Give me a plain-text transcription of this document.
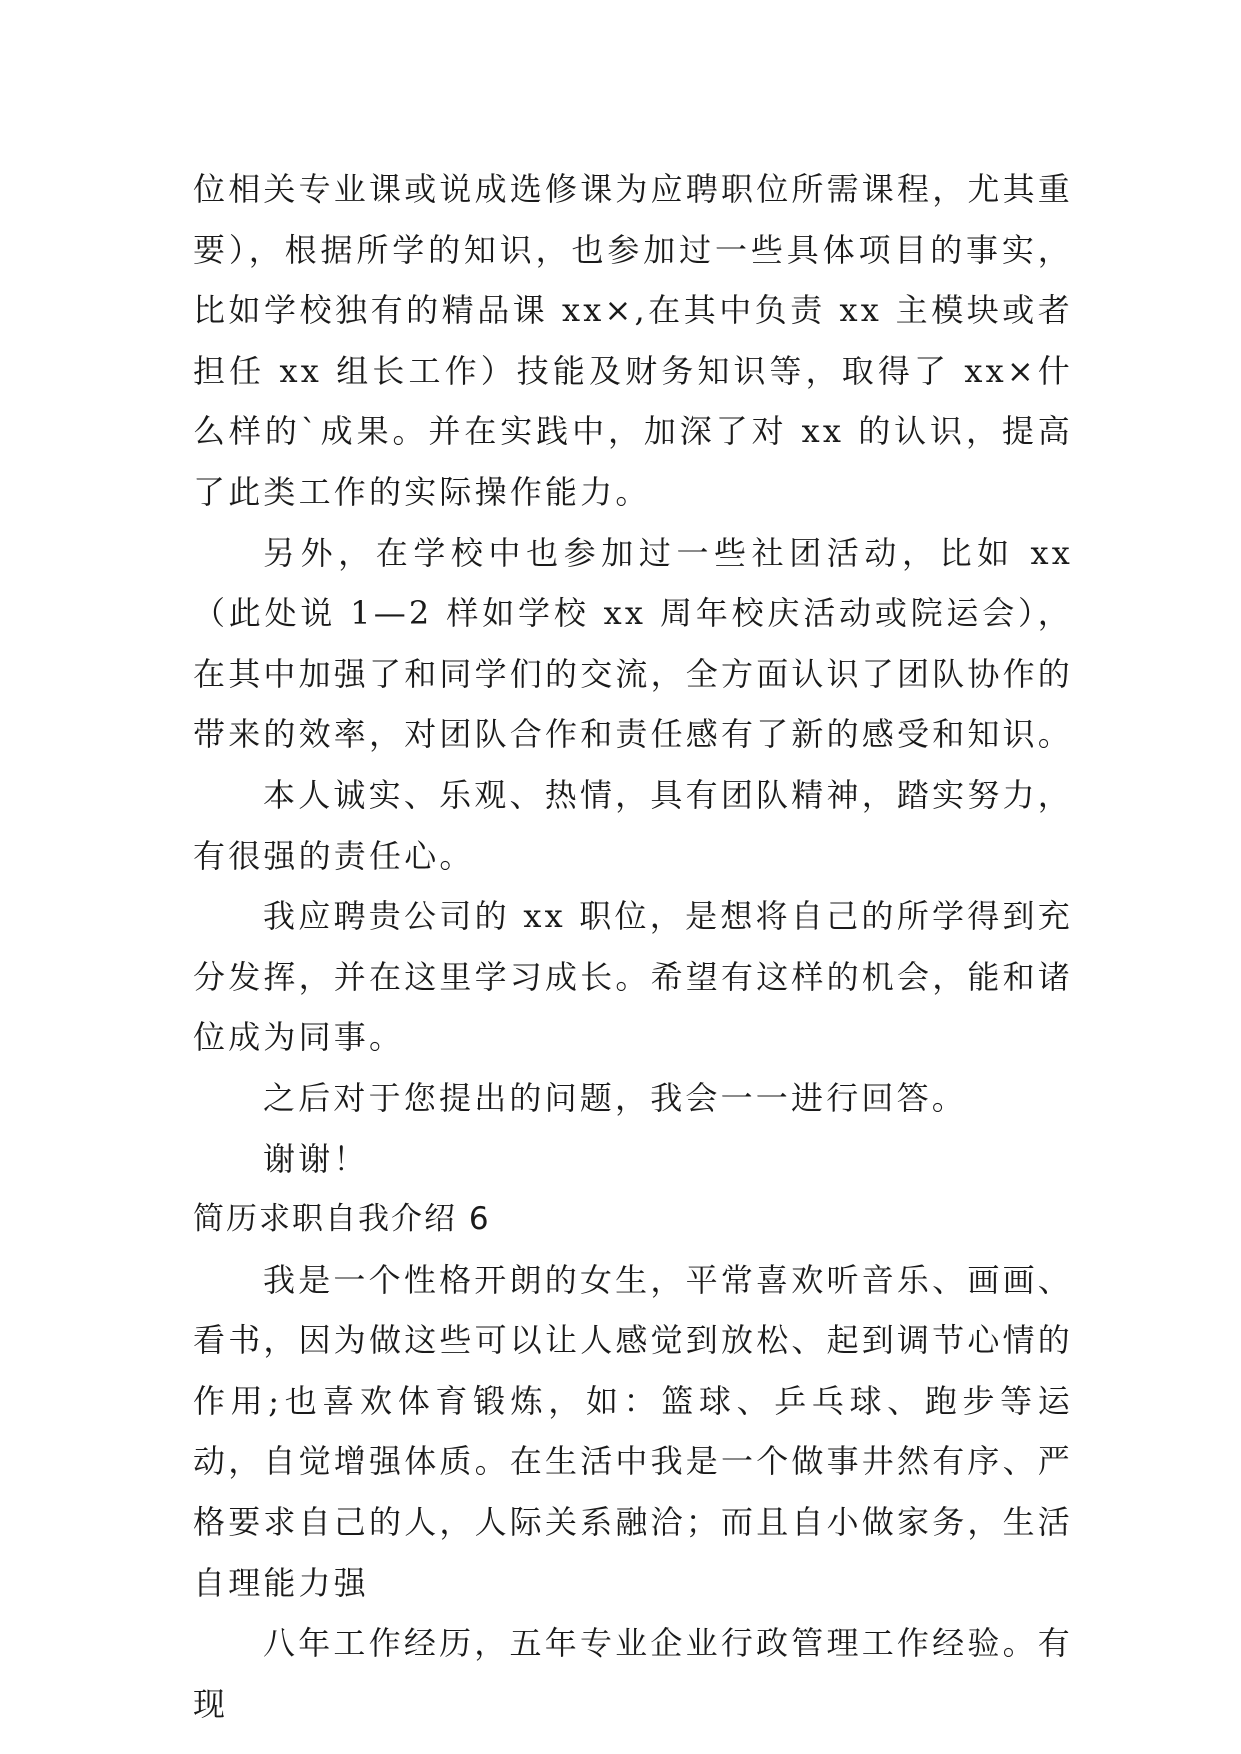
位相关专业课或说成选修课为应聘职位所需课程，尤其重要），根据所学的知识，也参加过一些具体项目的事实，比如学校独有的精品课 xx×,在其中负责 xx 主模块或者担任 xx 组长工作）技能及财务知识等，取得了 xx×什么样的`成果。并在实践中，加深了对 xx 的认识，提高了此类工作的实际操作能力。

另外，在学校中也参加过一些社团活动，比如 xx（此处说 1—2 样如学校 xx 周年校庆活动或院运会），在其中加强了和同学们的交流，全方面认识了团队协作的带来的效率，对团队合作和责任感有了新的感受和知识。

本人诚实、乐观、热情，具有团队精神，踏实努力，有很强的责任心。

我应聘贵公司的 xx 职位，是想将自己的所学得到充分发挥，并在这里学习成长。希望有这样的机会，能和诸位成为同事。

之后对于您提出的问题，我会一一进行回答。

谢谢！

简历求职自我介绍 6

我是一个性格开朗的女生，平常喜欢听音乐、画画、看书，因为做这些可以让人感觉到放松、起到调节心情的作用;也喜欢体育锻炼，如：篮球、乒乓球、跑步等运动，自觉增强体质。在生活中我是一个做事井然有序、严格要求自己的人，人际关系融洽；而且自小做家务，生活自理能力强

八年工作经历，五年专业企业行政管理工作经验。有现
